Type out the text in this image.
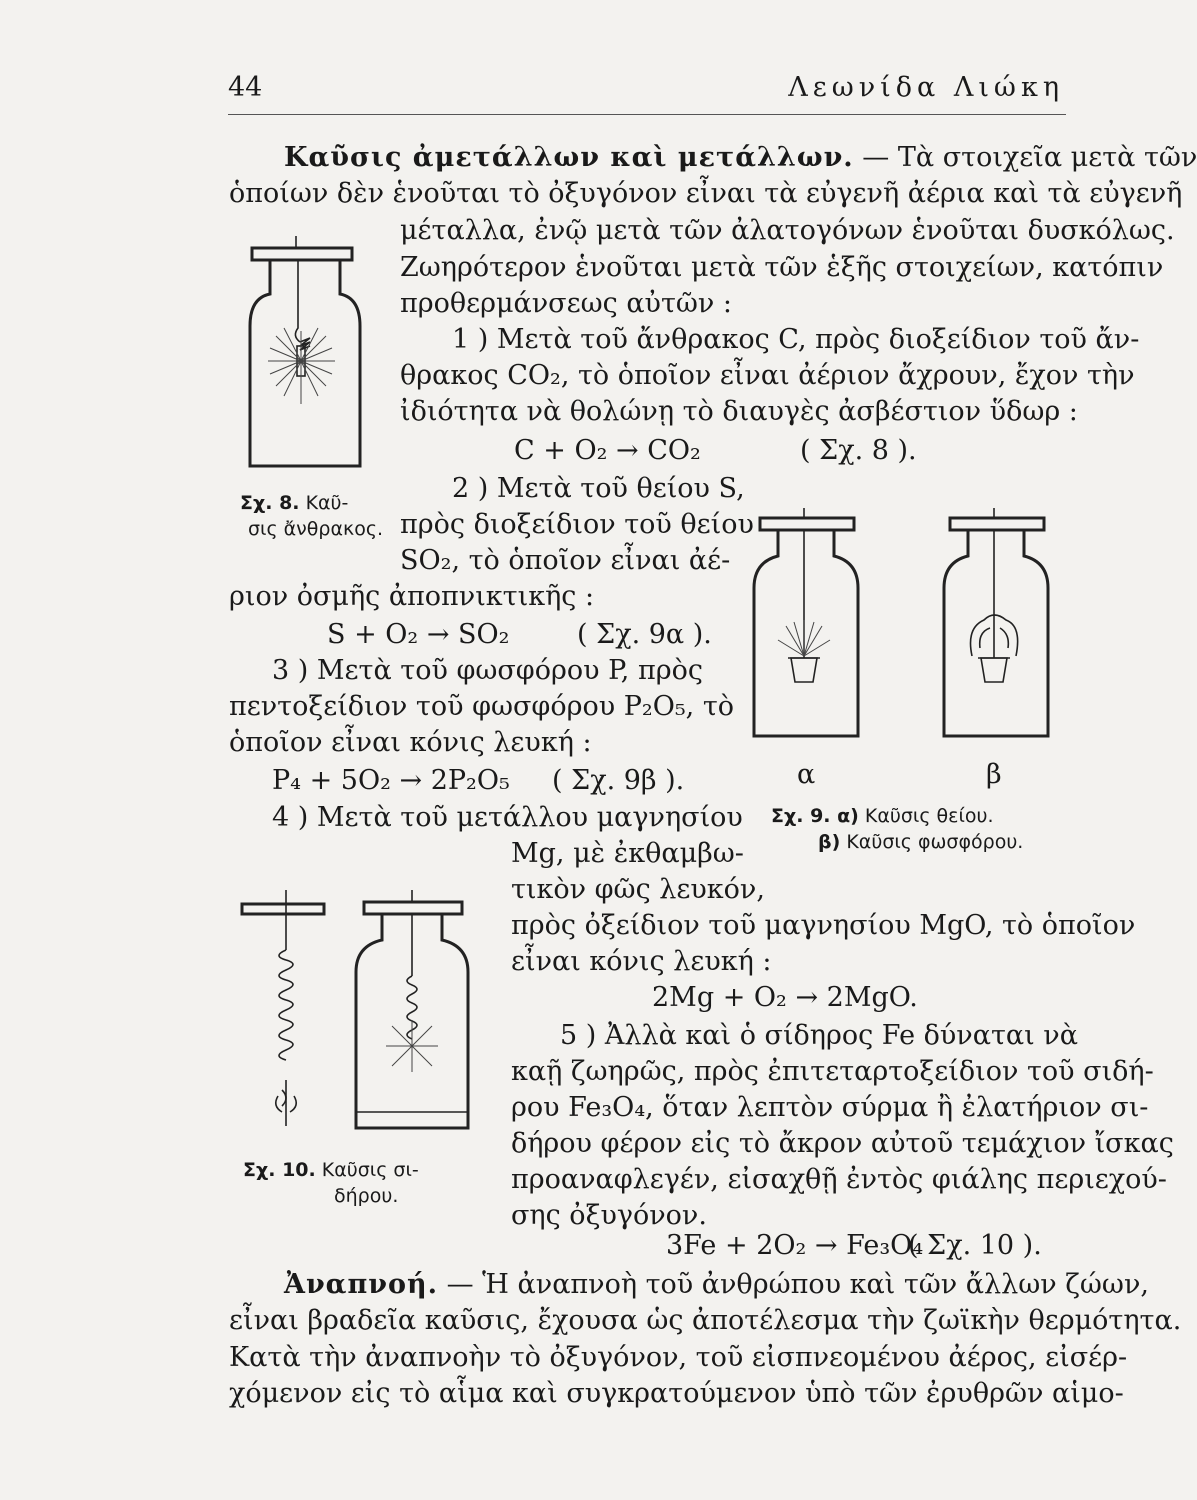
44	Λεωνίδα Λιώκη
Καῦσις ἀμετάλλων καὶ μετάλλων. — Τὰ στοιχεῖα μετὰ τῶν
ὁποίων δὲν ἑνοῦται τὸ ὀξυγόνον εἶναι τὰ εὐγενῆ ἀέρια καὶ τὰ εὐγενῆ
μέταλλα, ἐνῷ μετὰ τῶν ἀλατογόνων ἑνοῦται δυσκόλως.
Ζωηρότερον ἑνοῦται μετὰ τῶν ἑξῆς στοιχείων, κατόπιν
προθερμάνσεως αὐτῶν :
1 ) Μετὰ τοῦ ἄνθρακος C, πρὸς διοξείδιον τοῦ ἄν-
θρακος CO₂, τὸ ὁποῖον εἶναι ἀέριον ἄχρουν, ἔχον τὴν
ἰδιότητα νὰ θολώνῃ τὸ διαυγὲς ἀσβέστιον ὕδωρ :
C + O₂ → CO₂	( Σχ. 8 ).
2 ) Μετὰ τοῦ θείου S,
πρὸς διοξείδιον τοῦ θείου
SO₂, τὸ ὁποῖον εἶναι ἀέ-
ριον ὀσμῆς ἀποπνικτικῆς :
S + O₂ → SO₂	( Σχ. 9α ).
3 ) Μετὰ τοῦ φωσφόρου P, πρὸς
πεντοξείδιον τοῦ φωσφόρου P₂O₅, τὸ
ὁποῖον εἶναι κόνις λευκή :
P₄ + 5O₂ → 2P₂O₅ ( Σχ. 9β ).
4 ) Μετὰ τοῦ μετάλλου μαγνησίου
Mg, μὲ ἐκθαμβω-
τικὸν φῶς λευκόν,
πρὸς ὀξείδιον τοῦ μαγνησίου MgO, τὸ ὁποῖον
εἶναι κόνις λευκή :
2Mg + O₂ → 2MgO.
5 ) Ἀλλὰ καὶ ὁ σίδηρος Fe δύναται νὰ
καῇ ζωηρῶς, πρὸς ἐπιτεταρτοξείδιον τοῦ σιδή-
ρου Fe₃O₄, ὅταν λεπτὸν σύρμα ἢ ἐλατήριον σι-
δήρου φέρον εἰς τὸ ἄκρον αὐτοῦ τεμάχιον ἴσκας
προαναφλεγέν, εἰσαχθῇ ἐντὸς φιάλης περιεχού-
σης ὀξυγόνον.
3Fe + 2O₂ → Fe₃O₄
( Σχ. 10 ).
Ἀναπνοή. — Ἡ ἀναπνοὴ τοῦ ἀνθρώπου καὶ τῶν ἄλλων ζώων,
εἶναι βραδεῖα καῦσις, ἔχουσα ὡς ἀποτέλεσμα τὴν ζωϊκὴν θερμότητα.
Κατὰ τὴν ἀναπνοὴν τὸ ὀξυγόνον, τοῦ εἰσπνεομένου ἀέρος, εἰσέρ-
χόμενον εἰς τὸ αἷμα καὶ συγκρατούμενον ὑπὸ τῶν ἐρυθρῶν αἱμο-
Σχ. 8. Καῦ-
σις ἄνθρακος.
α	β
Σχ. 9. α) Καῦσις θείου.
β) Καῦσις φωσφόρου.
Σχ. 10. Καῦσις σι-
δήρου.
